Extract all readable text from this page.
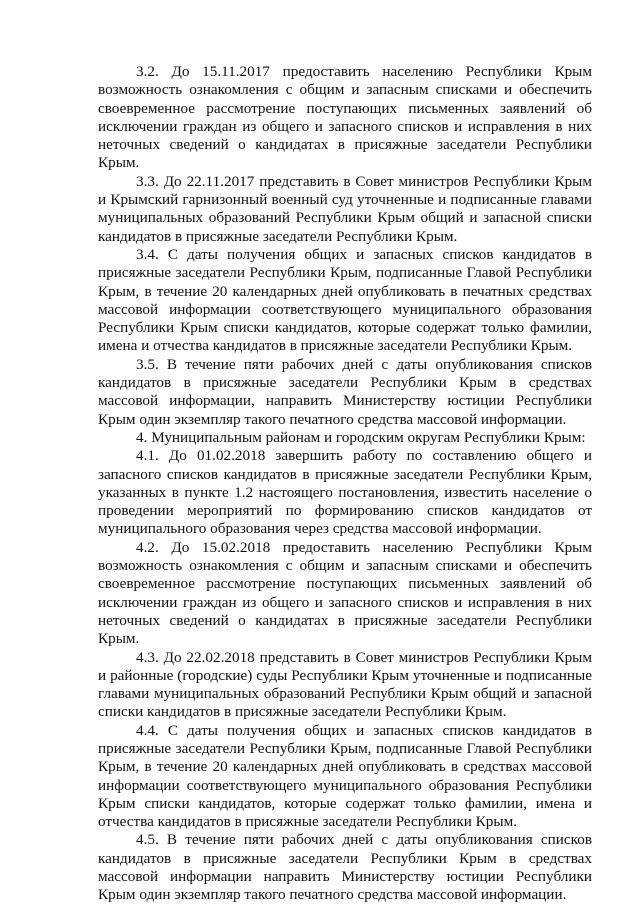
3.2. До 15.11.2017 предоставить населению Республики Крым возможность ознакомления с общим и запасным списками и обеспечить своевременное рассмотрение поступающих письменных заявлений об исключении граждан из общего и запасного списков и исправления в них неточных сведений о кандидатах в присяжные заседатели Республики Крым.

3.3. До 22.11.2017 представить в Совет министров Республики Крым и Крымский гарнизонный военный суд уточненные и подписанные главами муниципальных образований Республики Крым общий и запасной списки кандидатов в присяжные заседатели Республики Крым.

3.4. С даты получения общих и запасных списков кандидатов в присяжные заседатели Республики Крым, подписанные Главой Республики Крым, в течение 20 календарных дней опубликовать в печатных средствах массовой информации соответствующего муниципального образования Республики Крым списки кандидатов, которые содержат только фамилии, имена и отчества кандидатов в присяжные заседатели Республики Крым.

3.5. В течение пяти рабочих дней с даты опубликования списков кандидатов в присяжные заседатели Республики Крым в средствах массовой информации, направить Министерству юстиции Республики Крым один экземпляр такого печатного средства массовой информации.

4. Муниципальным районам и городским округам Республики Крым:

4.1. До 01.02.2018 завершить работу по составлению общего и запасного списков кандидатов в присяжные заседатели Республики Крым, указанных в пункте 1.2 настоящего постановления, известить население о проведении мероприятий по формированию списков кандидатов от муниципального образования через средства массовой информации.

4.2. До 15.02.2018 предоставить населению Республики Крым возможность ознакомления с общим и запасным списками и обеспечить своевременное рассмотрение поступающих письменных заявлений об исключении граждан из общего и запасного списков и исправления в них неточных сведений о кандидатах в присяжные заседатели Республики Крым.

4.3. До 22.02.2018 представить в Совет министров Республики Крым и районные (городские) суды Республики Крым уточненные и подписанные главами муниципальных образований Республики Крым общий и запасной списки кандидатов в присяжные заседатели Республики Крым.

4.4. С даты получения общих и запасных списков кандидатов в присяжные заседатели Республики Крым, подписанные Главой Республики Крым, в течение 20 календарных дней опубликовать в средствах массовой информации соответствующего муниципального образования Республики Крым списки кандидатов, которые содержат только фамилии, имена и отчества кандидатов в присяжные заседатели Республики Крым.

4.5. В течение пяти рабочих дней с даты опубликования списков кандидатов в присяжные заседатели Республики Крым в средствах массовой информации направить Министерству юстиции Республики Крым один экземпляр такого печатного средства массовой информации.
